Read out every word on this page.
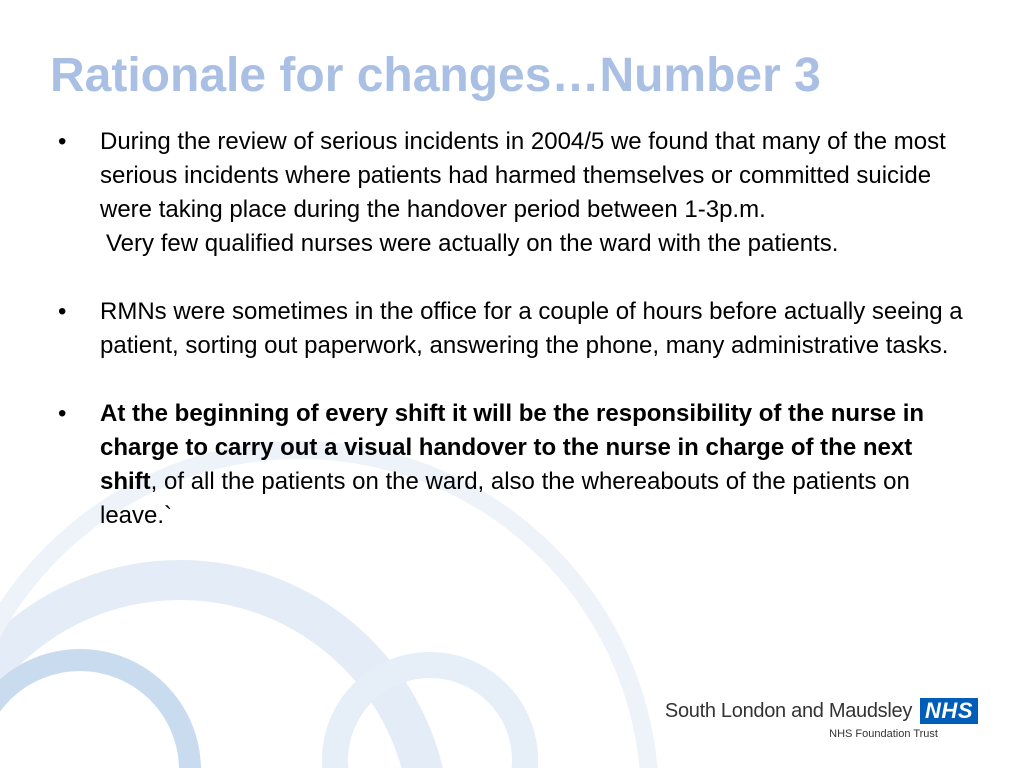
Rationale for changes…Number 3
• During the review of serious incidents in 2004/5 we found that many of the most serious incidents where patients had harmed themselves or committed suicide were taking place during the handover period between 1-3p.m.
Very few qualified nurses were actually on the ward with the patients.
• RMNs were sometimes in the office for a couple of hours before actually seeing a patient, sorting out paperwork, answering the phone, many administrative tasks.
• At the beginning of every shift it will be the responsibility of the nurse in charge to carry out a visual handover to the nurse in charge of the next shift, of all the patients on the ward, also the whereabouts of the patients on leave.`
South London and Maudsley NHS
NHS Foundation Trust
